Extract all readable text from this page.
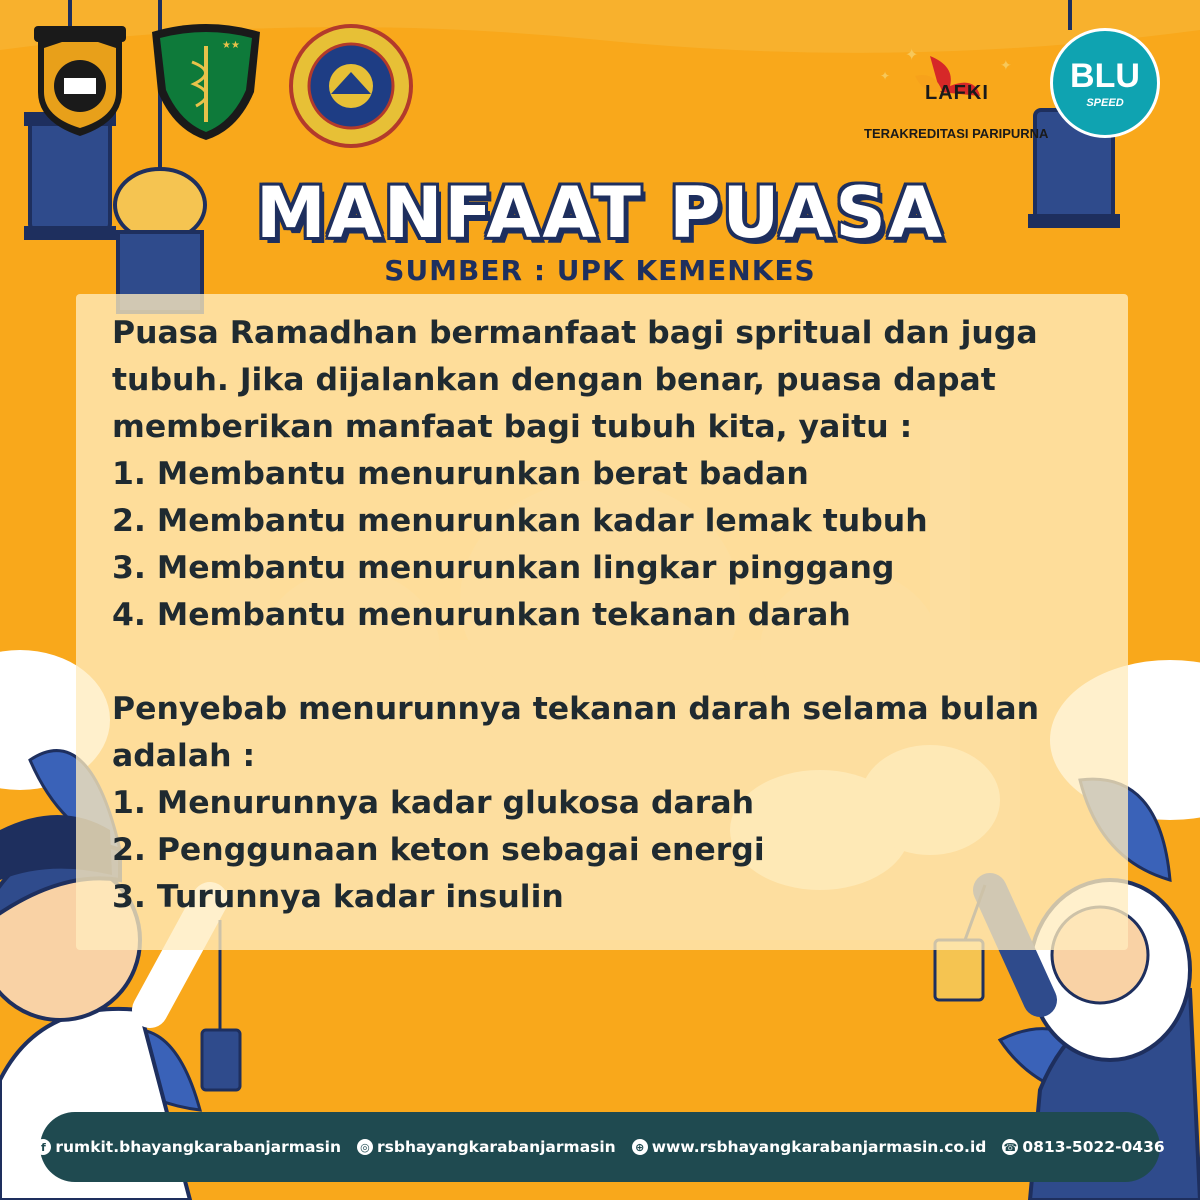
✦
✦
✦
★★
LAFKI
TERAKREDITASI PARIPURNA
BLU
SPEED
MANFAAT PUASA
SUMBER : UPK KEMENKES

Puasa Ramadhan bermanfaat bagi spritual dan juga

tubuh. Jika dijalankan dengan benar, puasa dapat

memberikan manfaat bagi tubuh kita, yaitu :

1. Membantu menurunkan berat badan

2. Membantu menurunkan kadar lemak tubuh

3. Membantu menurunkan lingkar pinggang

4. Membantu menurunkan tekanan darah

Penyebab menurunnya tekanan darah selama bulan

adalah :

1. Menurunnya kadar glukosa darah

2. Penggunaan keton sebagai energi

3. Turunnya kadar insulin

f rumkit.bhayangkarabanjarmasin ◎ rsbhayangkarabanjarmasin	⊕ www.rsbhayangkarabanjarmasin.co.id ☎ 0813-5022-0436
